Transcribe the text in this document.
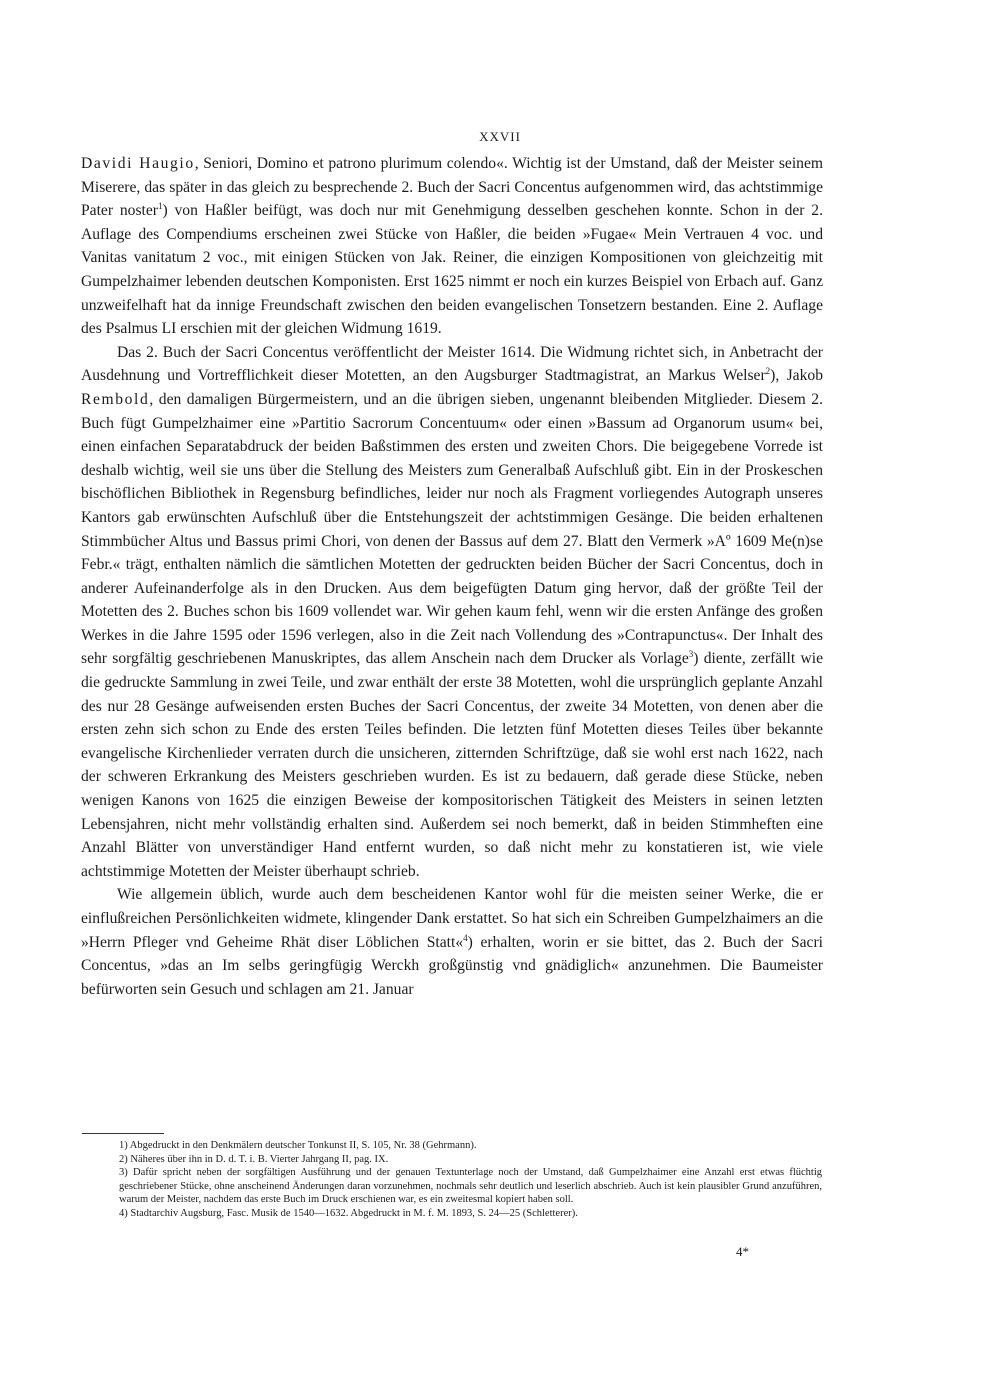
XXVII

Davidi Haugio, Seniori, Domino et patrono plurimum colendo«. Wichtig ist der Umstand, daß der Meister seinem Miserere, das später in das gleich zu besprechende 2. Buch der Sacri Concentus aufgenommen wird, das achtstimmige Pater noster$^1$) von Haßler beifügt, was doch nur mit Genehmigung desselben geschehen konnte. Schon in der 2. Auflage des Compendiums erscheinen zwei Stücke von Haßler, die beiden »Fugae« Mein Vertrauen 4 voc. und Vanitas vanitatum 2 voc., mit einigen Stücken von Jak. Reiner, die einzigen Kompositionen von gleichzeitig mit Gumpelzhaimer lebenden deutschen Komponisten. Erst 1625 nimmt er noch ein kurzes Beispiel von Erbach auf. Ganz unzweifelhaft hat da innige Freundschaft zwischen den beiden evangelischen Tonsetzern bestanden. Eine 2. Auflage des Psalmus LI erschien mit der gleichen Widmung 1619.

Das 2. Buch der Sacri Concentus veröffentlicht der Meister 1614. Die Widmung richtet sich, in Anbetracht der Ausdehnung und Vortrefflichkeit dieser Motetten, an den Augsburger Stadtmagistrat, an Markus Welser$^2$), Jakob Rembold, den damaligen Bürgermeistern, und an die übrigen sieben, ungenannt bleibenden Mitglieder. Diesem 2. Buch fügt Gumpelzhaimer eine »Partitio Sacrorum Concentuum« oder einen »Bassum ad Organorum usum« bei, einen einfachen Separatabdruck der beiden Baßstimmen des ersten und zweiten Chors. Die beigegebene Vorrede ist deshalb wichtig, weil sie uns über die Stellung des Meisters zum Generalbaß Aufschluß gibt. Ein in der Proskeschen bischöflichen Bibliothek in Regensburg befindliches, leider nur noch als Fragment vorliegendes Autograph unseres Kantors gab erwünschten Aufschluß über die Entstehungszeit der achtstimmigen Gesänge. Die beiden erhaltenen Stimmbücher Altus und Bassus primi Chori, von denen der Bassus auf dem 27. Blatt den Vermerk »Aº 1609 Me(n)se Febr.« trägt, enthalten nämlich die sämtlichen Motetten der gedruckten beiden Bücher der Sacri Concentus, doch in anderer Aufeinanderfolge als in den Drucken. Aus dem beigefügten Datum ging hervor, daß der größte Teil der Motetten des 2. Buches schon bis 1609 vollendet war. Wir gehen kaum fehl, wenn wir die ersten Anfänge des großen Werkes in die Jahre 1595 oder 1596 verlegen, also in die Zeit nach Vollendung des »Contrapunctus«. Der Inhalt des sehr sorgfältig geschriebenen Manuskriptes, das allem Anschein nach dem Drucker als Vorlage$^3$) diente, zerfällt wie die gedruckte Sammlung in zwei Teile, und zwar enthält der erste 38 Motetten, wohl die ursprünglich geplante Anzahl des nur 28 Gesänge aufweisenden ersten Buches der Sacri Concentus, der zweite 34 Motetten, von denen aber die ersten zehn sich schon zu Ende des ersten Teiles befinden. Die letzten fünf Motetten dieses Teiles über bekannte evangelische Kirchenlieder verraten durch die unsicheren, zitternden Schriftzüge, daß sie wohl erst nach 1622, nach der schweren Erkrankung des Meisters geschrieben wurden. Es ist zu bedauern, daß gerade diese Stücke, neben wenigen Kanons von 1625 die einzigen Beweise der kompositorischen Tätigkeit des Meisters in seinen letzten Lebensjahren, nicht mehr vollständig erhalten sind. Außerdem sei noch bemerkt, daß in beiden Stimmheften eine Anzahl Blätter von unverständiger Hand entfernt wurden, so daß nicht mehr zu konstatieren ist, wie viele achtstimmige Motetten der Meister überhaupt schrieb.

Wie allgemein üblich, wurde auch dem bescheidenen Kantor wohl für die meisten seiner Werke, die er einflußreichen Persönlichkeiten widmete, klingender Dank erstattet. So hat sich ein Schreiben Gumpelzhaimers an die »Herrn Pfleger vnd Geheime Rhät diser Löblichen Statt«$^4$) erhalten, worin er sie bittet, das 2. Buch der Sacri Concentus, »das an Im selbs geringfügig Werckh großgünstig vnd gnädiglich« anzunehmen. Die Baumeister befürworten sein Gesuch und schlagen am 21. Januar

1) Abgedruckt in den Denkmälern deutscher Tonkunst II, S. 105, Nr. 38 (Gehrmann).
2) Näheres über ihn in D. d. T. i. B. Vierter Jahrgang II, pag. IX.
3) Dafür spricht neben der sorgfältigen Ausführung und der genauen Textunterlage noch der Umstand, daß Gumpelzhaimer eine Anzahl erst etwas flüchtig geschriebener Stücke, ohne anscheinend Änderungen daran vorzunehmen, nochmals sehr deutlich und leserlich abschrieb. Auch ist kein plausibler Grund anzuführen, warum der Meister, nachdem das erste Buch im Druck erschienen war, es ein zweitesmal kopiert haben soll.
4) Stadtarchiv Augsburg, Fasc. Musik de 1540—1632. Abgedruckt in M. f. M. 1893, S. 24—25 (Schletterer).
4*
